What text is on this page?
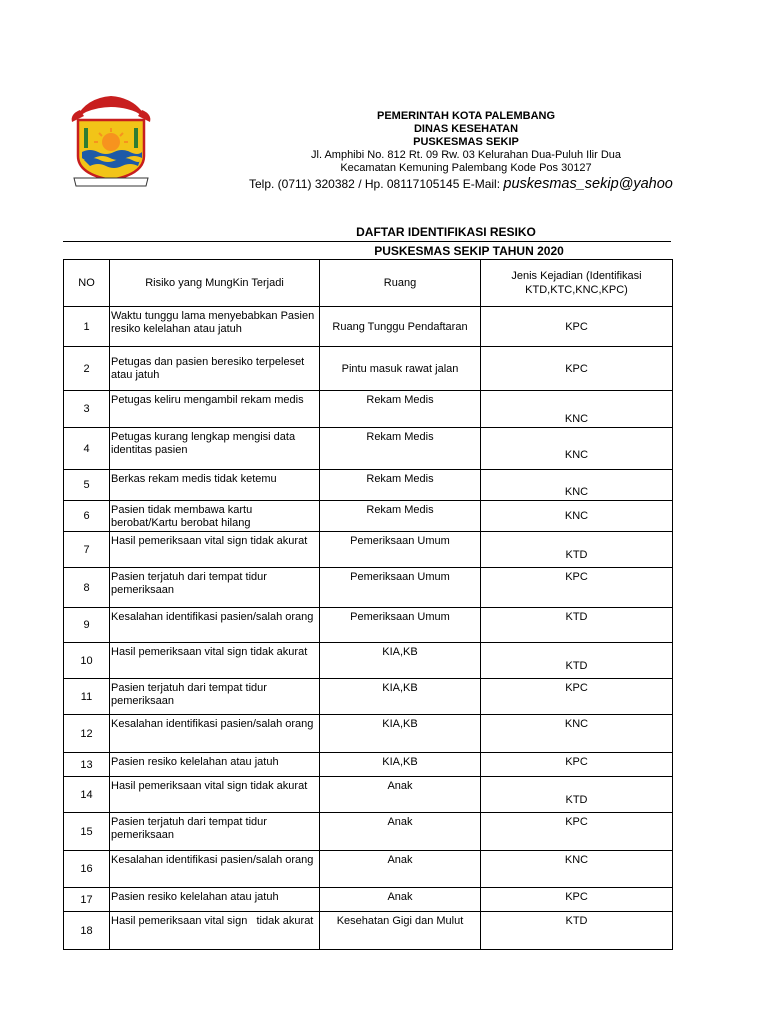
PEMERINTAH KOTA PALEMBANG
DINAS KESEHATAN
PUSKESMAS SEKIP
Jl. Amphibi No. 812 Rt. 09 Rw. 03 Kelurahan Dua-Puluh Ilir Dua
Kecamatan Kemuning Palembang Kode Pos 30127
Telp. (0711) 320382 / Hp. 08117105145 E-Mail: puskesmas_sekip@yahoo
DAFTAR IDENTIFIKASI RESIKO
PUSKESMAS SEKIP TAHUN 2020
NO	Risiko yang MungKin Terjadi	Ruang	Jenis Kejadian (Identifikasi
KTD,KTC,KNC,KPC)
1	Waktu tunggu lama menyebabkan Pasien resiko kelelahan atau jatuh	Ruang Tunggu Pendaftaran	KPC
2	Petugas dan pasien beresiko terpeleset atau jatuh	Pintu masuk rawat jalan	KPC
3	Petugas keliru mengambil rekam medis	Rekam Medis	KNC
4	Petugas kurang lengkap mengisi data identitas pasien	Rekam Medis	KNC
5	Berkas rekam medis tidak ketemu	Rekam Medis	KNC
6	Pasien tidak membawa kartu berobat/Kartu berobat hilang	Rekam Medis	KNC
7	Hasil pemeriksaan vital sign tidak akurat	Pemeriksaan Umum	KTD
8	Pasien terjatuh dari tempat tidur pemeriksaan	Pemeriksaan Umum	KPC
9	Kesalahan identifikasi pasien/salah orang	Pemeriksaan Umum	KTD
10	Hasil pemeriksaan vital sign tidak akurat	KIA,KB	KTD
11	Pasien terjatuh dari tempat tidur pemeriksaan	KIA,KB	KPC
12	Kesalahan identifikasi pasien/salah orang	KIA,KB	KNC
13	Pasien resiko kelelahan atau jatuh	KIA,KB	KPC
14	Hasil pemeriksaan vital sign tidak akurat	Anak	KTD
15	Pasien terjatuh dari tempat tidur pemeriksaan	Anak	KPC
16	Kesalahan identifikasi pasien/salah orang	Anak	KNC
17	Pasien resiko kelelahan atau jatuh	Anak	KPC
18	Hasil pemeriksaan vital sign   tidak akurat	Kesehatan Gigi dan Mulut	KTD
